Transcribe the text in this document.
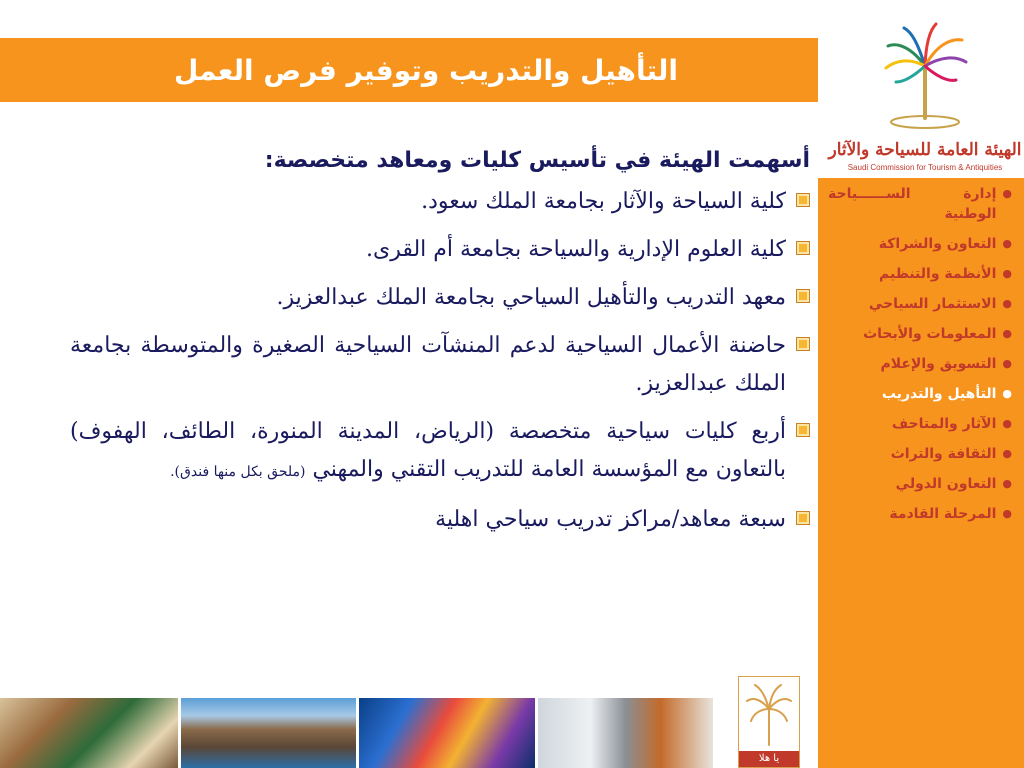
التأهيل والتدريب وتوفير فرص العمل
الهيئة العامة للسياحة والآثار
Saudi Commission for Tourism & Antiquities
●
إدارة الســــــياحة الوطنية
●
التعاون والشراكة
●
الأنظمة والتنظيم
●
الاستثمار السياحي
●
المعلومات والأبحاث
●
التسويق والإعلام
●
التأهيل والتدريب
●
الآثار والمتاحف
●
الثقافة والتراث
●
التعاون الدولي
●
المرحلة القادمة

أسهمت الهيئة في تأسيس كليات ومعاهد متخصصة:

كلية السياحة والآثار بجامعة الملك سعود.
كلية العلوم الإدارية والسياحة بجامعة أم القرى.
معهد التدريب والتأهيل السياحي بجامعة الملك عبدالعزيز.
حاضنة الأعمال السياحية لدعم المنشآت السياحية الصغيرة والمتوسطة بجامعة الملك عبدالعزيز.
أربع كليات سياحية متخصصة (الرياض، المدينة المنورة، الطائف، الهفوف) بالتعاون مع المؤسسة العامة للتدريب التقني والمهني (ملحق بكل منها فندق).
سبعة معاهد/مراكز تدريب سياحي اهلية
يا هلا
